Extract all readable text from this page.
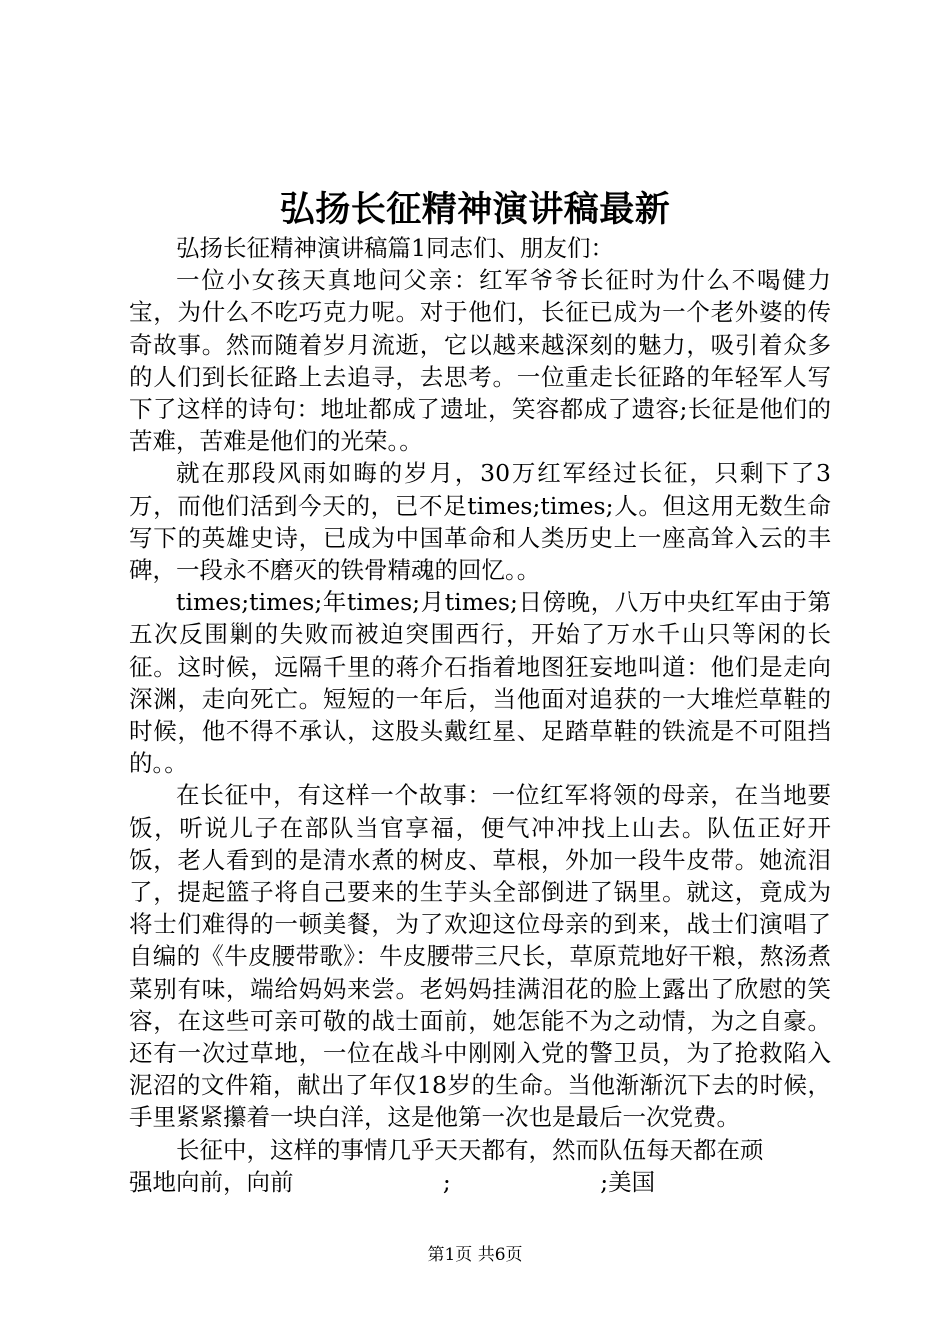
弘扬长征精神演讲稿最新

弘扬长征精神演讲稿篇1同志们、朋友们：

一位小女孩天真地问父亲：红军爷爷长征时为什么不喝健力宝，为什么不吃巧克力呢。对于他们，长征已成为一个老外婆的传奇故事。然而随着岁月流逝，它以越来越深刻的魅力，吸引着众多的人们到长征路上去追寻，去思考。一位重走长征路的年轻军人写下了这样的诗句：地址都成了遗址，笑容都成了遗容;长征是他们的苦难，苦难是他们的光荣。。

就在那段风雨如晦的岁月，30万红军经过长征，只剩下了3万，而他们活到今天的，已不足times;times;人。但这用无数生命写下的英雄史诗，已成为中国革命和人类历史上一座高耸入云的丰碑，一段永不磨灭的铁骨精魂的回忆。。

times;times;年times;月times;日傍晚，八万中央红军由于第五次反围剿的失败而被迫突围西行，开始了万水千山只等闲的长征。这时候，远隔千里的蒋介石指着地图狂妄地叫道：他们是走向深渊，走向死亡。短短的一年后，当他面对追获的一大堆烂草鞋的时候，他不得不承认，这股头戴红星、足踏草鞋的铁流是不可阻挡的。。

在长征中，有这样一个故事：一位红军将领的母亲，在当地要饭，听说儿子在部队当官享福，便气冲冲找上山去。队伍正好开饭，老人看到的是清水煮的树皮、草根，外加一段牛皮带。她流泪了，提起篮子将自己要来的生芋头全部倒进了锅里。就这，竟成为将士们难得的一顿美餐，为了欢迎这位母亲的到来，战士们演唱了自编的《牛皮腰带歌》：牛皮腰带三尺长，草原荒地好干粮，熬汤煮菜别有味，端给妈妈来尝。老妈妈挂满泪花的脸上露出了欣慰的笑容，在这些可亲可敬的战士面前，她怎能不为之动情，为之自豪。还有一次过草地，一位在战斗中刚刚入党的警卫员，为了抢救陷入泥沼的文件箱，献出了年仅18岁的生命。当他渐渐沉下去的时候，手里紧紧攥着一块白洋，这是他第一次也是最后一次党费。

长征中，这样的事情几乎天天都有，然而队伍每天都在顽

强地向前，向前                    ;                    ;美国

第1页 共6页
